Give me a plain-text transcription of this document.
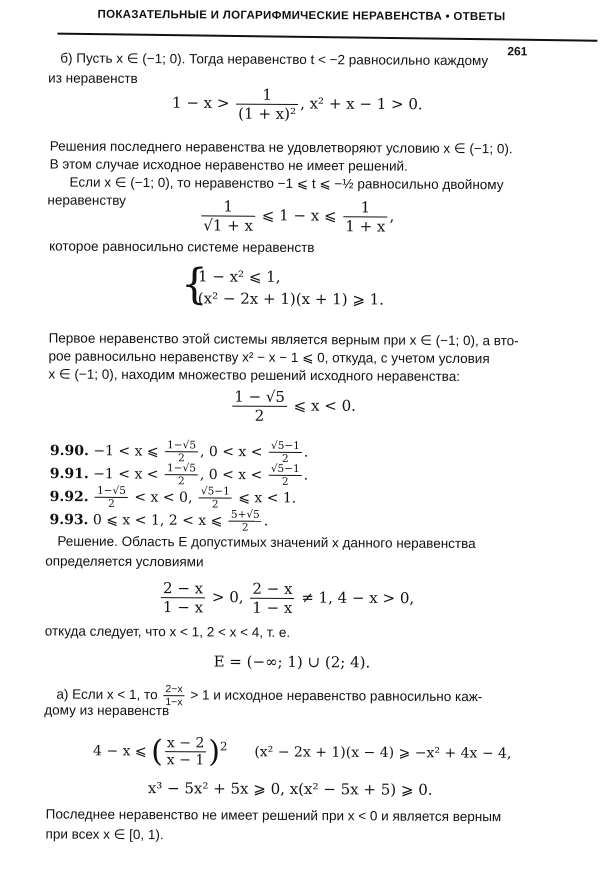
ПОКАЗАТЕЛЬНЫЕ И ЛОГАРИФМИЧЕСКИЕ НЕРАВЕНСТВА • ОТВЕТЫ
261
б) Пусть x ∈ (−1; 0). Тогда неравенство t < −2 равносильно каждому
из неравенств
$1 - x > \frac{1}{\text{(1 + x)²}}$ , x² + x − 1 > 0.
Решения последнего неравенства не удовлетворяют условию x ∈ (−1; 0).
В этом случае исходное неравенство не имеет решений.
Если x ∈ (−1; 0), то неравенство −1 ⩽ t ⩽ −½ равносильно двойному
неравенству	$\frac{1}{√1 + x}$ ⩽ 1 − x ⩽ $\frac{1}{1 + x}$ ,
которое равносильно системе неравенств
{
1 − x² ⩽ 1,
(x² − 2x + 1)(x + 1) ⩾ 1.
Первое неравенство этой системы является верным при x ∈ (−1; 0), а вто-
рое равносильно неравенству x² − x − 1 ⩽ 0, откуда, с учетом условия
x ∈ (−1; 0), находим множество решений исходного неравенства:
$\frac{1 - √5}{2}$ ⩽ x < 0.
9.90. −1 < x ⩽ $\frac{1-√5}{2}$ , $0 < x < \frac{√5-1}{2}$ .
9.91. $-1 < x < \frac{1-√5}{2}$ , $0 < x < \frac{√5-1}{2}$ .
9.92. $\frac{1-√5}{2} < x < 0$, $\frac{√5-1}{2}$ ⩽ x < 1.
9.93. 0 ⩽ x < 1, 2 < x ⩽ $\frac{5+√5}{2}$ .
Решение. Область E допустимых значений x данного неравенства
определяется условиями
$\frac{2 - x}{1 - x} > 0$, $\frac{2 - x}{1 - x} \ne 1$, 4 − x > 0,
откуда следует, что x < 1, 2 < x < 4, т. е.
E = (−∞; 1) ∪ (2; 4).
а) Если x < 1, то $\frac{2-x}{1-x} > 1$ и исходное неравенство равносильно каж-
дому из неравенств
4 − x ⩽ ( $\frac{x - 2}{x - 1} )^2$ (x² − 2x + 1)(x − 4) ⩾ −x² + 4x − 4,
x³ − 5x² + 5x ⩾ 0, x(x² − 5x + 5) ⩾ 0.
Последнее неравенство не имеет решений при x < 0 и является верным
при всех x ∈ [0, 1).
